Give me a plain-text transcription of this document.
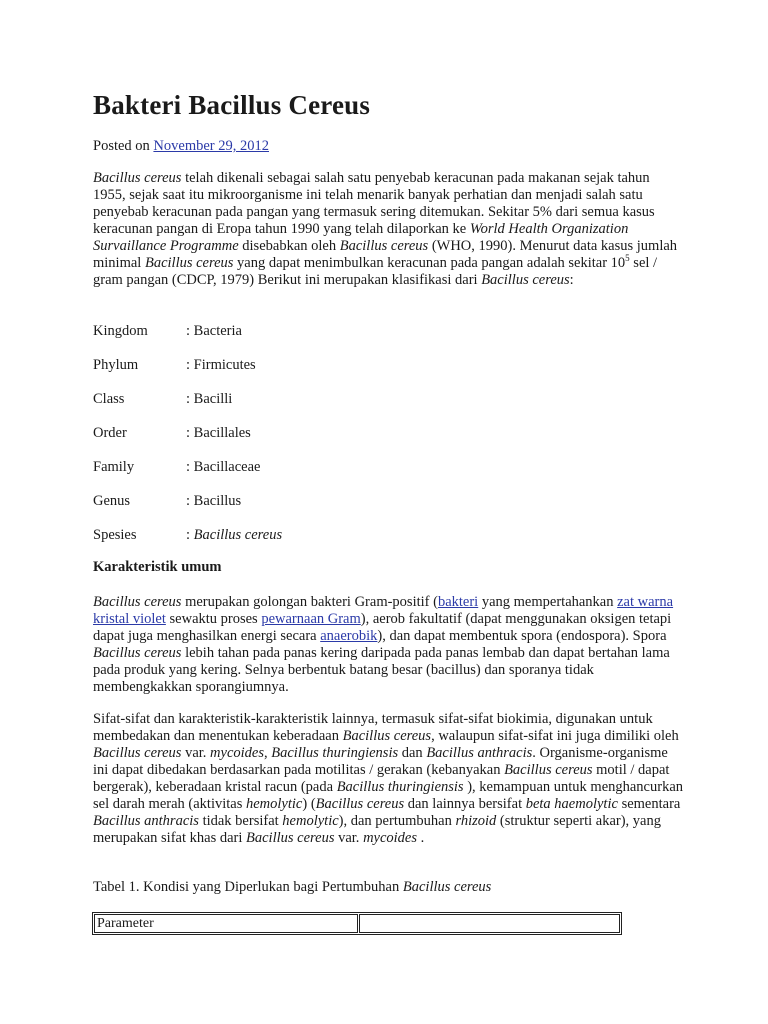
Bakteri Bacillus Cereus

Posted on November 29, 2012

Bacillus cereus telah dikenali sebagai salah satu penyebab keracunan pada makanan sejak tahun 1955, sejak saat itu mikroorganisme ini telah menarik banyak perhatian dan menjadi salah satu penyebab keracunan pada pangan yang termasuk sering ditemukan. Sekitar 5% dari semua kasus keracunan pangan di Eropa tahun 1990 yang telah dilaporkan ke World Health Organization Survaillance Programme disebabkan oleh Bacillus cereus (WHO, 1990). Menurut data kasus jumlah minimal Bacillus cereus yang dapat menimbulkan keracunan pada pangan adalah sekitar $10^5$ sel / gram pangan (CDCP, 1979) Berikut ini merupakan klasifikasi dari Bacillus cereus:

Kingdom	: Bacteria
Phylum	: Firmicutes
Class	: Bacilli
Order	: Bacillales
Family	: Bacillaceae
Genus	: Bacillus
Spesies	: Bacillus cereus

Karakteristik umum

Bacillus cereus merupakan golongan bakteri Gram-positif (bakteri yang mempertahankan zat warna kristal violet sewaktu proses pewarnaan Gram), aerob fakultatif (dapat menggunakan oksigen tetapi dapat juga menghasilkan energi secara anaerobik), dan dapat membentuk spora (endospora). Spora Bacillus cereus lebih tahan pada panas kering daripada pada panas lembab dan dapat bertahan lama pada produk yang kering. Selnya berbentuk batang besar (bacillus) dan sporanya tidak membengkakkan sporangiumnya.

Sifat-sifat dan karakteristik-karakteristik lainnya, termasuk sifat-sifat biokimia, digunakan untuk membedakan dan menentukan keberadaan Bacillus cereus, walaupun sifat-sifat ini juga dimiliki oleh Bacillus cereus var. mycoides, Bacillus thuringiensis dan Bacillus anthracis. Organisme-organisme ini dapat dibedakan berdasarkan pada motilitas / gerakan (kebanyakan Bacillus cereus motil / dapat bergerak), keberadaan kristal racun (pada Bacillus thuringiensis ), kemampuan untuk menghancurkan sel darah merah (aktivitas hemolytic) (Bacillus cereus dan lainnya bersifat beta haemolytic sementara Bacillus anthracis tidak bersifat hemolytic), dan pertumbuhan rhizoid (struktur seperti akar), yang merupakan sifat khas dari Bacillus cereus var. mycoides .

Tabel 1. Kondisi yang Diperlukan bagi Pertumbuhan Bacillus cereus

Parameter	
